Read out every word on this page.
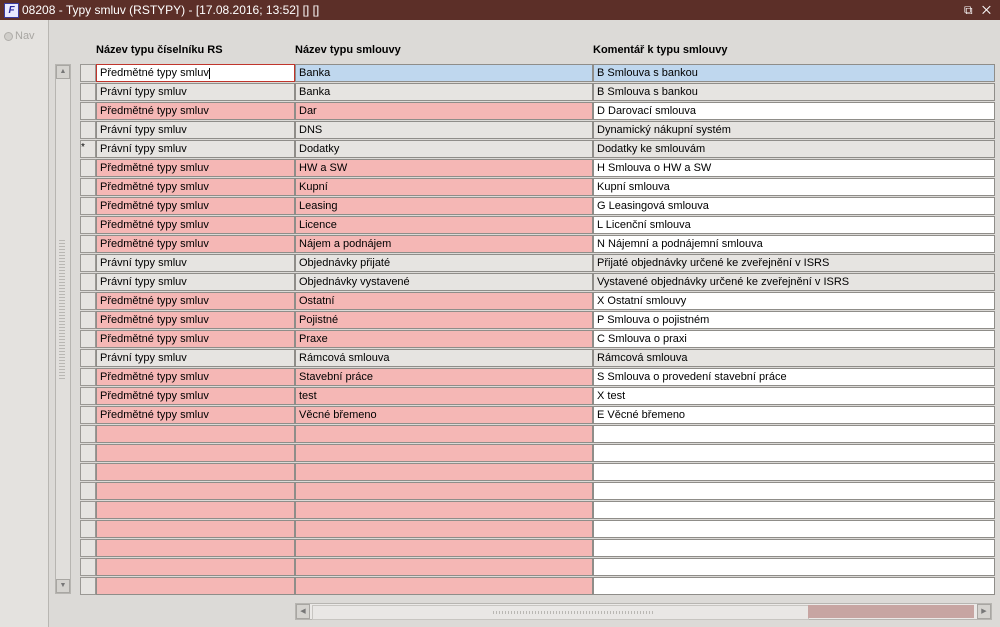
F 08208 - Typy smluv (RSTYPY) - [17.08.2016; 13:52] [] []	⧉ ✕
Nav
Název typu číselníku RS	Název typu smlouvy	Komentář k typu smlouvy
▲
▼
Předmětné typy smluv	Banka	B Smlouva s bankou
Právní typy smluv	Banka	B Smlouva s bankou
Předmětné typy smluv	Dar	D Darovací smlouva
Právní typy smluv	DNS	Dynamický nákupní systém
*	Právní typy smluv	Dodatky	Dodatky ke smlouvám
Předmětné typy smluv	HW a SW	H Smlouva o HW a SW
Předmětné typy smluv	Kupní	Kupní smlouva
Předmětné typy smluv	Leasing	G Leasingová smlouva
Předmětné typy smluv	Licence	L Licenční smlouva
Předmětné typy smluv	Nájem a podnájem	N Nájemní a podnájemní smlouva
Právní typy smluv	Objednávky přijaté	Přijaté objednávky určené ke zveřejnění v ISRS
Právní typy smluv	Objednávky vystavené	Vystavené objednávky určené ke zveřejnění v ISRS
Předmětné typy smluv	Ostatní	X Ostatní smlouvy
Předmětné typy smluv	Pojistné	P Smlouva o pojistném
Předmětné typy smluv	Praxe	C Smlouva o praxi
Právní typy smluv	Rámcová smlouva	Rámcová smlouva
Předmětné typy smluv	Stavební práce	S Smlouva o provedení stavební práce
Předmětné typy smluv	test	X test
Předmětné typy smluv	Věcné břemeno	E Věcné břemeno
◀	▶
